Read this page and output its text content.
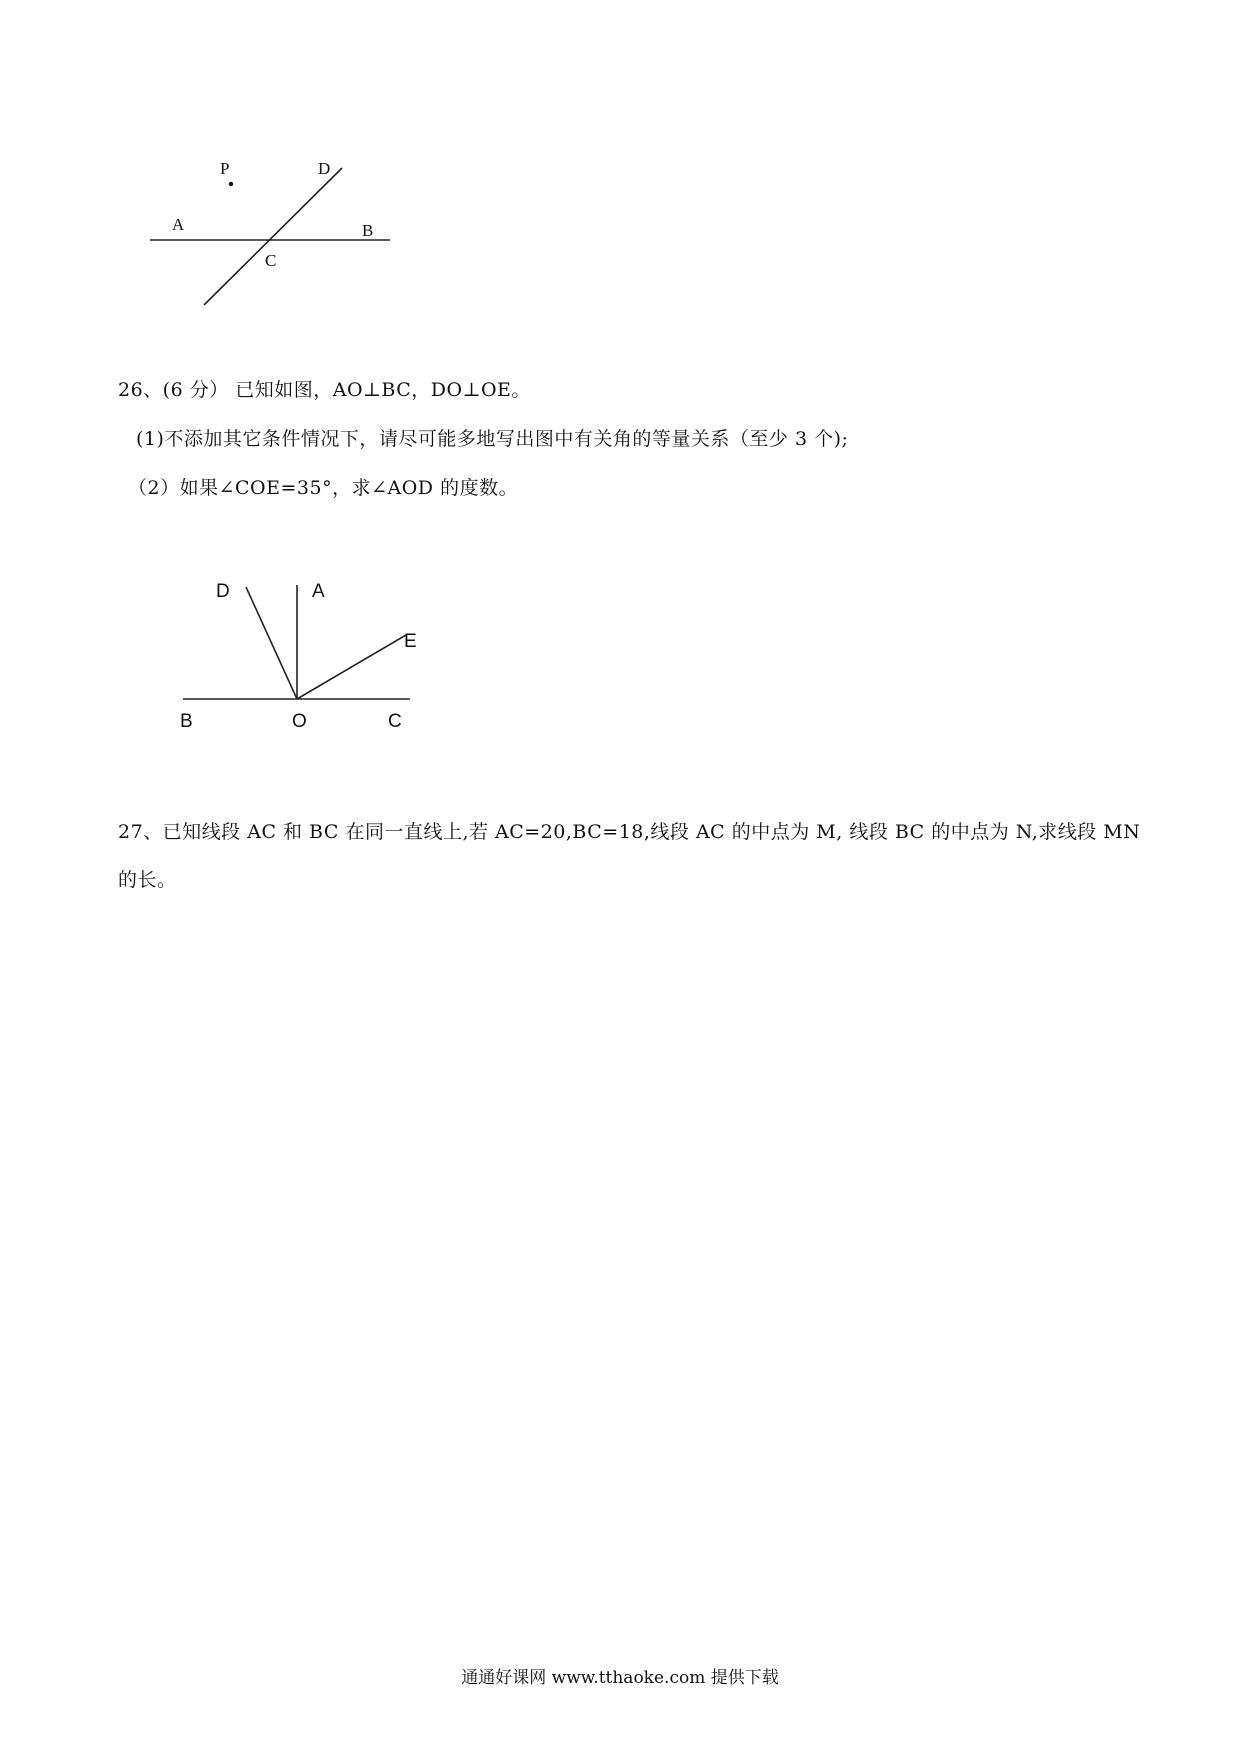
P	D
A	B
C
26、(6 分） 已知如图，AO⊥BC，DO⊥OE。
(1)不添加其它条件情况下，请尽可能多地写出图中有关角的等量关系（至少 3 个);
（2）如果∠COE=35°，求∠AOD 的度数。
D	A
E
B	O	C
27、已知线段 AC 和 BC 在同一直线上,若 AC=20,BC=18,线段 AC 的中点为 M, 线段 BC 的中点为 N,求线段 MN
的长。
通通好课网 www.tthaoke.com 提供下载
